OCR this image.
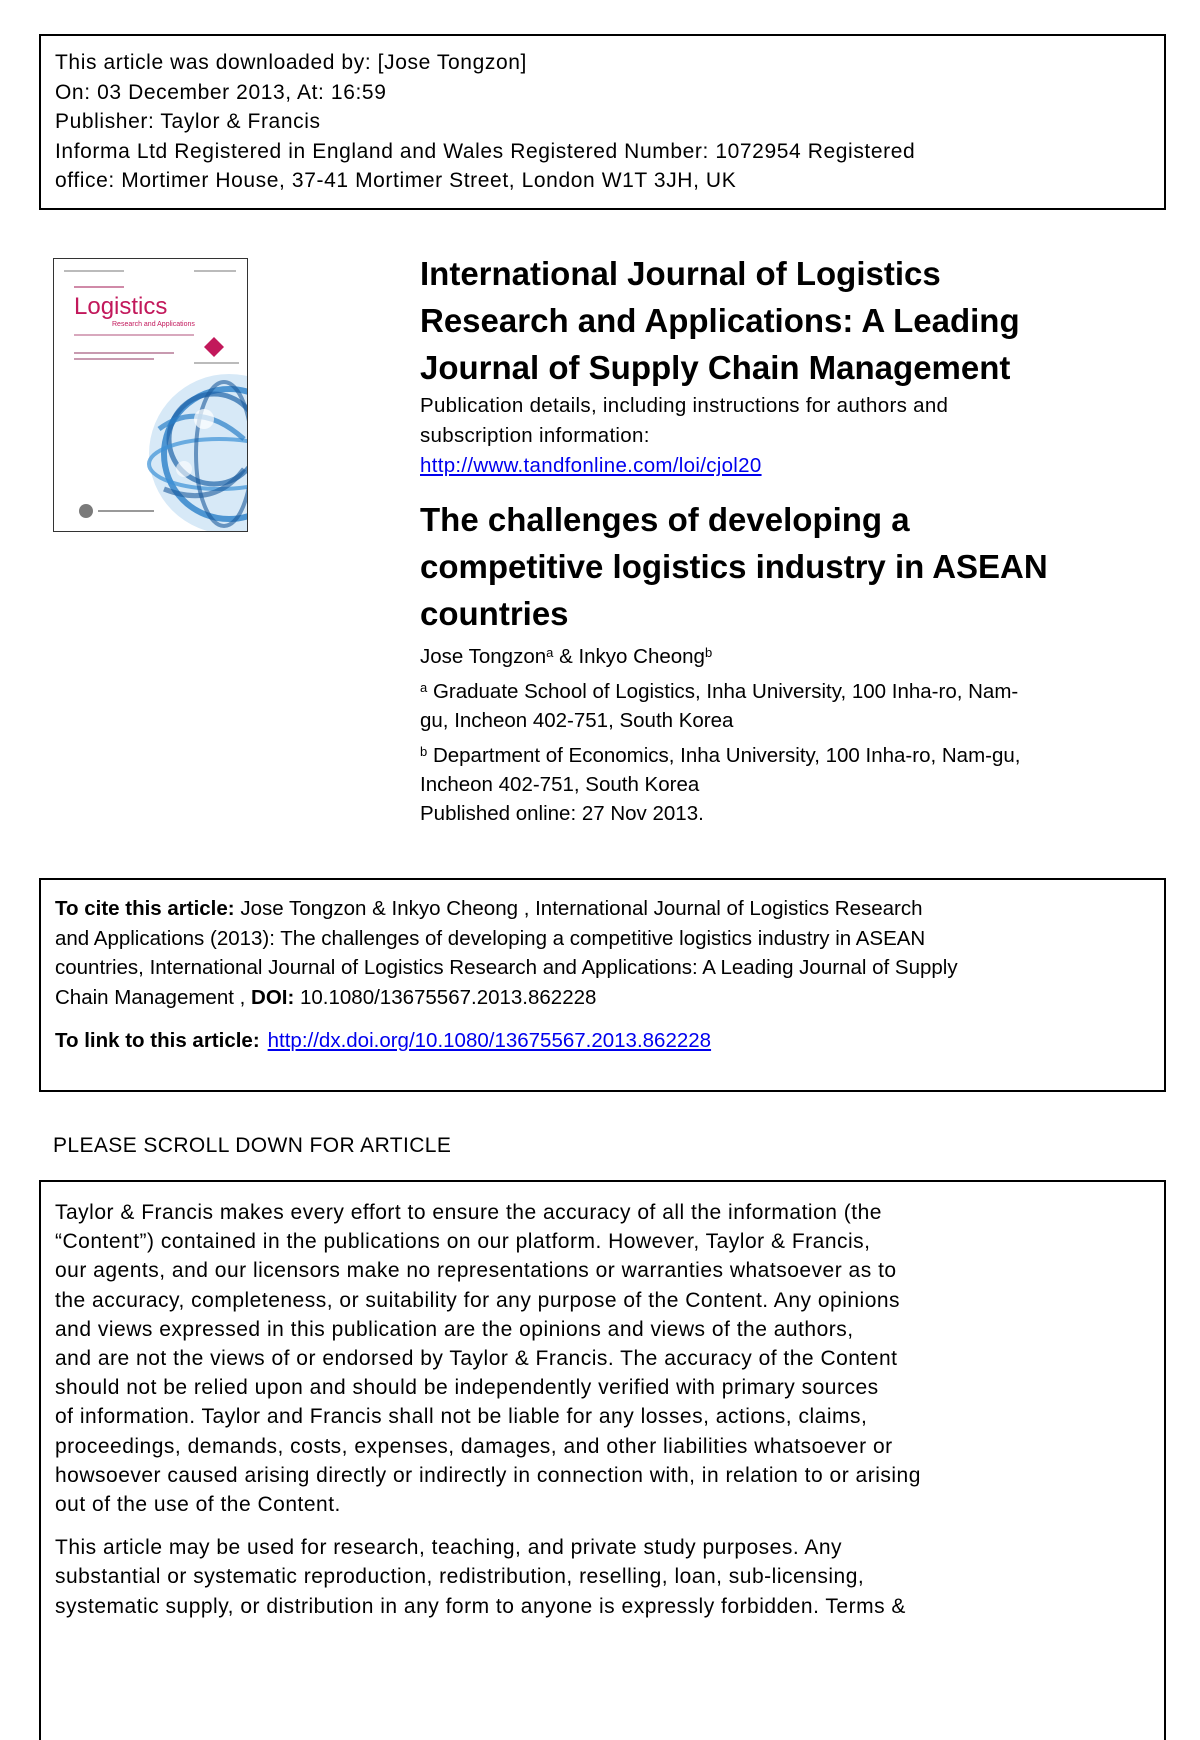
This article was downloaded by: [Jose Tongzon]
On: 03 December 2013, At: 16:59
Publisher: Taylor & Francis
Informa Ltd Registered in England and Wales Registered Number: 1072954 Registered
office: Mortimer House, 37-41 Mortimer Street, London W1T 3JH, UK
Logistics
Research and Applications
International Journal of Logistics
Research and Applications: A Leading
Journal of Supply Chain Management
Publication details, including instructions for authors and
subscription information:
http://www.tandfonline.com/loi/cjol20
The challenges of developing a
competitive logistics industry in ASEAN
countries
Jose Tongzon$^a$ & Inkyo Cheong$^b$
$^a$ Graduate School of Logistics, Inha University, 100 Inha-ro, Nam-
gu, Incheon 402-751, South Korea
$^b$ Department of Economics, Inha University, 100 Inha-ro, Nam-gu,
Incheon 402-751, South Korea
Published online: 27 Nov 2013.
To cite this article: Jose Tongzon & Inkyo Cheong , International Journal of Logistics Research
and Applications (2013): The challenges of developing a competitive logistics industry in ASEAN
countries, International Journal of Logistics Research and Applications: A Leading Journal of Supply
Chain Management , DOI: 10.1080/13675567.2013.862228
To link to this article: http://dx.doi.org/10.1080/13675567.2013.862228
PLEASE SCROLL DOWN FOR ARTICLE
Taylor & Francis makes every effort to ensure the accuracy of all the information (the
“Content”) contained in the publications on our platform. However, Taylor & Francis,
our agents, and our licensors make no representations or warranties whatsoever as to
the accuracy, completeness, or suitability for any purpose of the Content. Any opinions
and views expressed in this publication are the opinions and views of the authors,
and are not the views of or endorsed by Taylor & Francis. The accuracy of the Content
should not be relied upon and should be independently verified with primary sources
of information. Taylor and Francis shall not be liable for any losses, actions, claims,
proceedings, demands, costs, expenses, damages, and other liabilities whatsoever or
howsoever caused arising directly or indirectly in connection with, in relation to or arising
out of the use of the Content.
This article may be used for research, teaching, and private study purposes. Any
substantial or systematic reproduction, redistribution, reselling, loan, sub-licensing,
systematic supply, or distribution in any form to anyone is expressly forbidden. Terms &
